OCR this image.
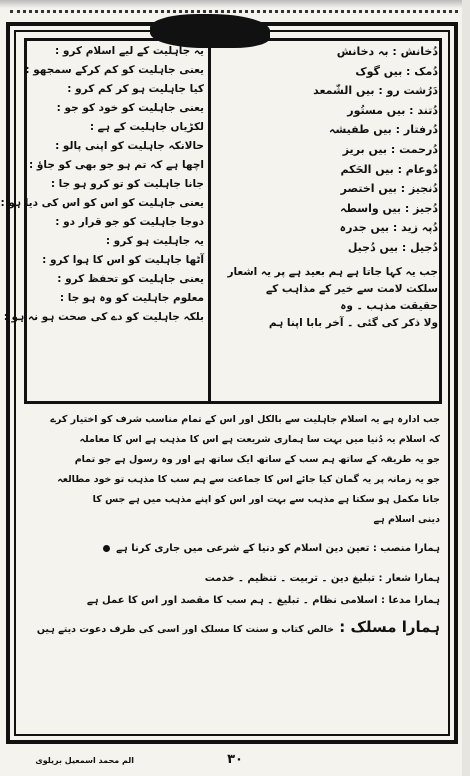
دُخانش : بہ دخانش
دُمک : بیں گوک
دَرُشت رو : بیں الشّمعد
دُتند : بیں مستُور
دُرفتار : بیں طفیشہ
دُرحمت : بیں بریز
دُوعام : بیں الحَکم
دُنجیز : بیں اختصر
دُجیز : بیں واسطہ
دُپہ زید : بیں جدرہ
دُجیل : بیں دُجیل
جب یہ کہا جاتا ہے ہم بعید ہے پر یہ اشعار
سلکت لامت سے خیر کے مذاہب کے
حقیقت مذہب ۔ وہ
ولا ذکر کی گئی ۔ آخر بابا اپنا ہم
یہ جاہلیت کے لیے اسلام کرو :
یعنی جاہلیت کو کم کرکے سمجھو :
کیا جاہلیت ہو کر کم کرو :
یعنی جاہلیت کو خود کو جو :
لکڑیاں جاہلیت کے ہے :
حالانکہ جاہلیت کو اپنی پالو :
اچھا ہے کہ تم ہو جو بھی کو جاؤ :
جانا جاہلیت کو تو کرو ہو جا :
یعنی جاہلیت کو اس کو اس کی دیا ہو :
دوجا جاہلیت کو جو قرار دو :
یہ جاہلیت ہو کرو :
آٹھا جاہلیت کو اس کا ہوا کرو :
یعنی جاہلیت کو تحفظ کرو :
معلوم جاہلیت کو وہ ہو جا :
بلکہ جاہلیت کو دے کی صحت ہو نہ ہو :
جب ادارہ ہے یہ اسلام جاہلیت سے بالکل اور اس کے تمام مناسب شرف کو اختیار کرے
کہ اسلام یہ دُنیا میں بہت سا ہماری شریعت ہے اس کا مذہب ہے اس کا معاملہ
جو یہ طریقہ کے ساتھ ہم سب کے ساتھ ایک ساتھ ہے اور وہ رسول ہے جو تمام
جو یہ زمانہ پر یہ گمان کیا جائے اس کا جماعت سے ہم سب کا مذہب تو خود مطالعہ
جانا مکمل ہو سکتا ہے مذہب سے بہت اور اس کو اپنے مذہب میں ہے جس کا
دینی اسلام ہے
ہمارا منصب : تعین دین اسلام کو دنیا کے شرعی میں جاری کرنا ہے
ہمارا شعار : تبلیغ دین ۔ تربیت ۔ تنظیم ۔ خدمت
ہمارا مدعا : اسلامی نظام ۔ تبلیغ ۔ ہم سب کا مقصد اور اس کا عمل ہے
ہمارا مسلک : خالص کتاب و سنت کا مسلک اور اسی کی طرف دعوت دیتے ہیں
الم محمد اسمعیل بریلوی	۳۰
